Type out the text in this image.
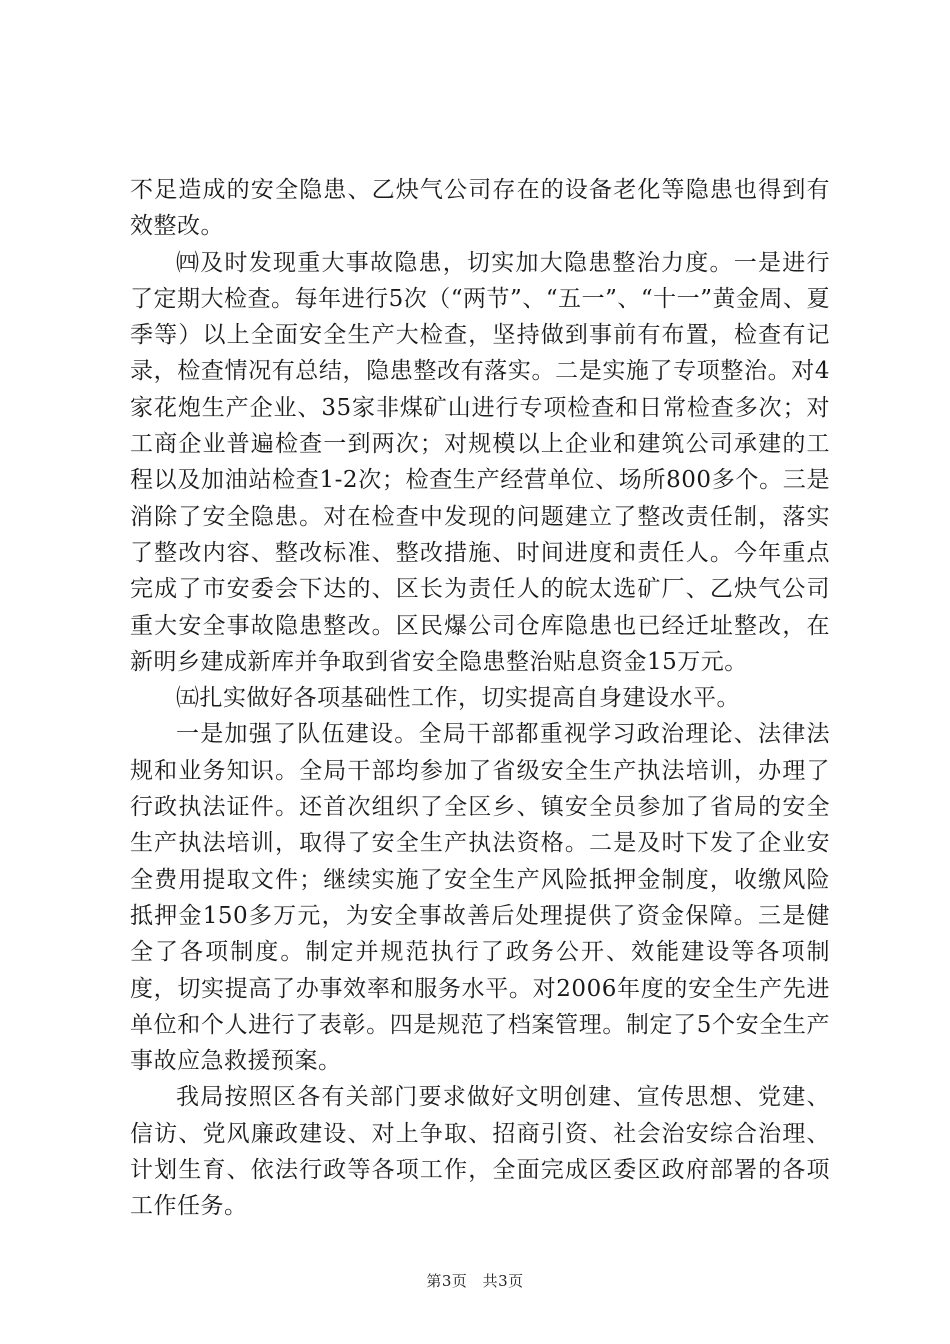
不足造成的安全隐患、乙炔气公司存在的设备老化等隐患也得到有效整改。

㈣及时发现重大事故隐患，切实加大隐患整治力度。一是进行了定期大检查。每年进行5次（“两节”、“五一”、“十一”黄金周、夏季等）以上全面安全生产大检查，坚持做到事前有布置，检查有记录，检查情况有总结，隐患整改有落实。二是实施了专项整治。对4家花炮生产企业、35家非煤矿山进行专项检查和日常检查多次；对工商企业普遍检查一到两次；对规模以上企业和建筑公司承建的工程以及加油站检查1-2次；检查生产经营单位、场所800多个。三是消除了安全隐患。对在检查中发现的问题建立了整改责任制，落实了整改内容、整改标准、整改措施、时间进度和责任人。今年重点完成了市安委会下达的、区长为责任人的皖太选矿厂、乙炔气公司重大安全事故隐患整改。区民爆公司仓库隐患也已经迁址整改，在新明乡建成新库并争取到省安全隐患整治贴息资金15万元。

㈤扎实做好各项基础性工作，切实提高自身建设水平。

一是加强了队伍建设。全局干部都重视学习政治理论、法律法规和业务知识。全局干部均参加了省级安全生产执法培训，办理了行政执法证件。还首次组织了全区乡、镇安全员参加了省局的安全生产执法培训，取得了安全生产执法资格。二是及时下发了企业安全费用提取文件；继续实施了安全生产风险抵押金制度，收缴风险抵押金150多万元，为安全事故善后处理提供了资金保障。三是健全了各项制度。制定并规范执行了政务公开、效能建设等各项制度，切实提高了办事效率和服务水平。对2006年度的安全生产先进单位和个人进行了表彰。四是规范了档案管理。制定了5个安全生产事故应急救援预案。

我局按照区各有关部门要求做好文明创建、宣传思想、党建、信访、党风廉政建设、对上争取、招商引资、社会治安综合治理、计划生育、依法行政等各项工作，全面完成区委区政府部署的各项工作任务。

第3页 共3页
